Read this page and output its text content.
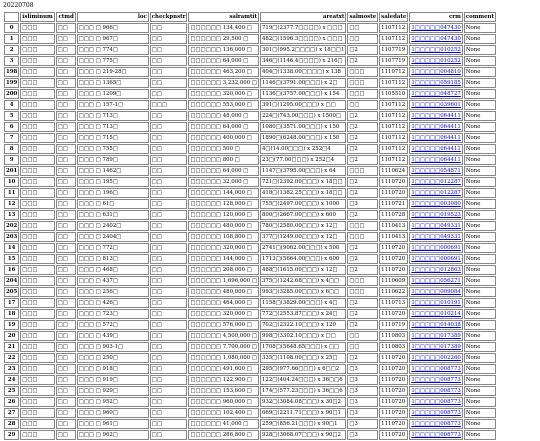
20220708
	isliminum	ctmd	loc	checkpnstr	salramtit	areatxt	salmoste	saledate	crm	comment
0	□□□	□□	□□□ □ 966□	□□	□□□□□□ 134,400 □	719□(2377.7□□□□) x □□□	□□	1107112	1□□□□□047430	None
1	□□□	□□	□□□ □ 967□	□□	□□□□□□ 29,500 □	482□(1596.3□□□□) x □□□	□□	1107112	1□□□□□047430	None
2	□□□	□□	□□□ □ 774□	□□	□□□□□□ 136,000 □	301□(995.2□□□□) x 18□□1	□2	1107719	1□□□□□010252	None
3	□□□	□□	□□□ □ 775□	□□	□□□□□□ 64,000 □	346□(1146.4□□□□) x 216□	□2	1107719	1□□□□□010252	None
198	□□□	□□	□□□ □ 219-28□	□□	□□□□□□ 463,200 □	404□(1338.00□□□□) x 138	□□□	1110712	1□□□□□004810	None
199	□□□	□□	□□□ □ 1365□	□□	□□□□□□ 3,232,000 □	1146□(3791.00□□□) x 2□	□□□	1107112	1□□□□□059185	None
200	□□□	□□	□□□ □ 1209□	□□	□□□□□□ 320,000 □	1136□(3757.00□□□) x 154	□□□	1105510	1□□□□□048727	None
4	□□□	□□	□□□ □ 157-1□	□□□	□□□□□□ 553,000 □	391□(1295.00□□□) x □□	□□	1107112	1□□□□□039601	None
5	□□□	□□	□□□ □ 713□	□□	□□□□□□ 48,000 □	224□(743.00□□□) x 1500□	□2	1107112	1□□□□□064411	None
6	□□□	□□	□□□ □ 713□	□□	□□□□□□ 64,000 □	1080□(3571.00□□□) x 150	□2	1107112	1□□□□□064411	None
7	□□□	□□	□□□ □ 715□	□□	□□□□□□ 400,000 □	1890□(6248.00□□□) x 150	□2	1107112	1□□□□□064411	None
8	□□□	□□	□□□ □ 755□	□□	□□□□□□ 500 □	4□(14.00□□□) x 252□4	□2	1107112	1□□□□□064411	None
9	□□□	□□	□□□ □ 789□	□□	□□□□□□ 800 □	23□(77.00□□□) x 252□4	□2	1107112	1□□□□□064411	None
201	□□□	□□	□□□ □ 1462□	□□	□□□□□□ 64,000 □	1147□(3795.00□□□) x 64	□□□	1110624	1□□□□□054871	None
10	□□□	□□	□□□ □ 195□	□□	□□□□□□ 32,000 □	721□(2392.00□□□) x 18□□	□2	1110720	1□□□□□012287	None
11	□□□	□□	□□□ □ 196□	□□	□□□□□□ 144,000 □	418□(1382.25□□□) x 18□□	□2	1110720	1□□□□□012287	None
12	□□□	□□	□□□ □ 61□	□□	□□□□□□ 128,000 □	755□(2497.00□□□) x 1000	□3	1110721	1□□□□□003080	None
13	□□□	□□	□□□ □ 631□	□□	□□□□□□ 120,000 □	800□(2667.00□□□) x 600	□2	1110728	1□□□□□019523	None
202	□□□	□□	□□□ □ 2402□	□□	□□□□□□ 480,000 □	780□(2580.00□□□) x 12□	□□□	1110413	1□□□□□049331	None
203	□□□	□□	□□□ □ 2404□	□□	□□□□□□ 108,800 □	377□(1249.00□□□) x 12□	□□□	1110413	1□□□□□049331	None
14	□□□	□□	□□□ □ 772□	□□	□□□□□□ 320,000 □	2741□(9062.00□□□) x 500	□2	1110720	1□□□□□000691	None
15	□□□	□□	□□□ □ 813□	□□	□□□□□□ 144,000 □	1713□(5664.00□□□) x 600	□2	1110720	1□□□□□000691	None
16	□□□	□□	□□□ □ 468□	□□	□□□□□□ 208,000 □	488□(1615.00□□□) x 12□	□2	1110720	1□□□□□012863	None
204	□□□	□□	□□□ □ 437□	□□	□□□□□□ 1,696,000 □	375□(1242.68□□□) x 4□□	□□□	1110609	1□□□□□056271	None
205	□□□	□□	□□□ □ 256□	□□	□□□□□□ 480,000 □	993□(3285.00□□□) x 6□□	□□□	1110622	1□□□□□009084	None
17	□□□	□□	□□□ □ 426□	□□	□□□□□□ 464,000 □	1158□(3829.00□□□) x 4□	□2	1110713	1□□□□□010191	None
18	□□□	□□	□□□ □ 723□	□□	□□□□□□ 320,000 □	772□(2553.87□□□) x 24□	□2	1110720	1□□□□□010214	None
19	□□□	□□	□□□ □ 572□	□□	□□□□□□ 576,000 □	702□(2322.10□□□) x 120	□2	1110719	1□□□□□014038	None
20	□□□	□□	□□□ □ 439□	□□	□□□□□□ 4,500,000 □	998□(3302.10□□□) x □□	□□	1110803	1□□□□□017389	None
21	□□□	□□	□□□ □ 903-1□	□□	□□□□□□ 7,700,000 □	1708□(5648.65□□□) x □□	□□	1110803	1□□□□□017389	None
22	□□□	□□	□□□ □ 250□	□□	□□□□□□ 1,080,000 □	335□(1108.00□□□) x 25□	□2	1110720	1□□□□□002260	None
23	□□□	□□	□□□ □ 918□	□□	□□□□□□ 491,600 □	295□(977.66□□□) x 6□□2	□3	1110720	1□□□□□008773	None
24	□□□	□□	□□□ □ 919□	□□	□□□□□□ 122,900 □	122□(404.24□□□) x 36□□6	□3	1110720	1□□□□□008773	None
25	□□□	□□	□□□ □ 920□	□□	□□□□□□ 153,600 □	174□(577.23□□□) x 36□□6	□3	1110720	1□□□□□008773	None
26	□□□	□□	□□□ □ 952□	□□	□□□□□□ 960,000 □	932□(3084.08□□□) x 30□2	□3	1110720	1□□□□□008773	None
27	□□□	□□	□□□ □ 960□	□□	□□□□□□ 102,400 □	669□(2211.71□□□) x 90□1	□3	1110720	1□□□□□008773	None
28	□□□	□□	□□□ □ 961□	□□	□□□□□□ 41,000 □	259□(856.21□□□) x 90□1	□3	1110720	1□□□□□008773	None
29	□□□	□□	□□□ □ 962□	□□	□□□□□□ 286,800 □	928□(3068.07□□□) x 90□2	□3	1110720	1□□□□□008773	None
